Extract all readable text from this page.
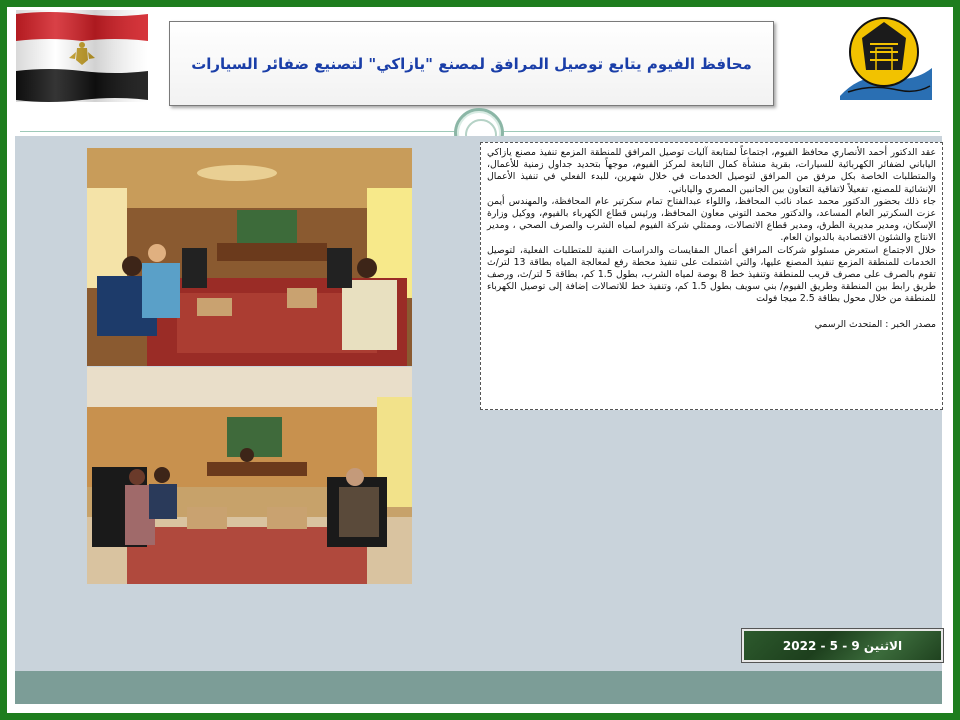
محافظ الفيوم يتابع توصيل المرافق لمصنع "يازاكي" لتصنيع ضفائر السيارات

عقد الدكتور أحمد الأنصاري محافظ الفيوم، اجتماعاً لمتابعة آليات توصيل المرافق للمنطقة المزمع تنفيذ مصنع يازاكي الياباني لضفائر الكهربائية للسيارات، بقرية منشأة كمال التابعة لمركز الفيوم، موجهاً بتحديد جداول زمنية للأعمال، والمتطلبات الخاصة بكل مرفق من المرافق لتوصيل الخدمات في خلال شهرين، للبدء الفعلي في تنفيذ الأعمال الإنشائية للمصنع، تفعيلاً لاتفاقية التعاون بين الجانبين المصري والياباني.

جاء ذلك بحضور الدكتور محمد عماد نائب المحافظ، واللواء عبدالفتاح تمام سكرتير عام المحافظة، والمهندس أيمن عزت السكرتير العام المساعد، والدكتور محمد التوني معاون المحافظ، ورئيس قطاع الكهرباء بالفيوم، ووكيل وزارة الإسكان، ومدير مديرية الطرق، ومدير قطاع الاتصالات، وممثلي شركة الفيوم لمياه الشرب والصرف الصحي ، ومدير الانتاج والشئون الاقتصادية بالديوان العام.

خلال الاجتماع استعرض مسئولو شركات المرافق أعمال المقايسات والدراسات الفنية للمتطلبات الفعلية، لتوصيل الخدمات للمنطقة المزمع تنفيذ المصنع عليها، والتي اشتملت على تنفيذ محطة رفع لمعالجة المياه بطاقة 13 لتر/ث تقوم بالصرف على مصرف قريب للمنطقة وتنفيذ خط 8 بوصة لمياه الشرب، بطول 1.5 كم، بطاقة 5 لتر/ث، ورصف طريق رابط بين المنطقة وطريق الفيوم/ بني سويف بطول 1.5 كم، وتنفيذ خط للاتصالات إضافة إلى توصيل الكهرباء للمنطقة من خلال محول بطاقة 2.5 ميجا فولت

مصدر الخبر : المتحدث الرسمي

الاثنين 9 - 5 - 2022
